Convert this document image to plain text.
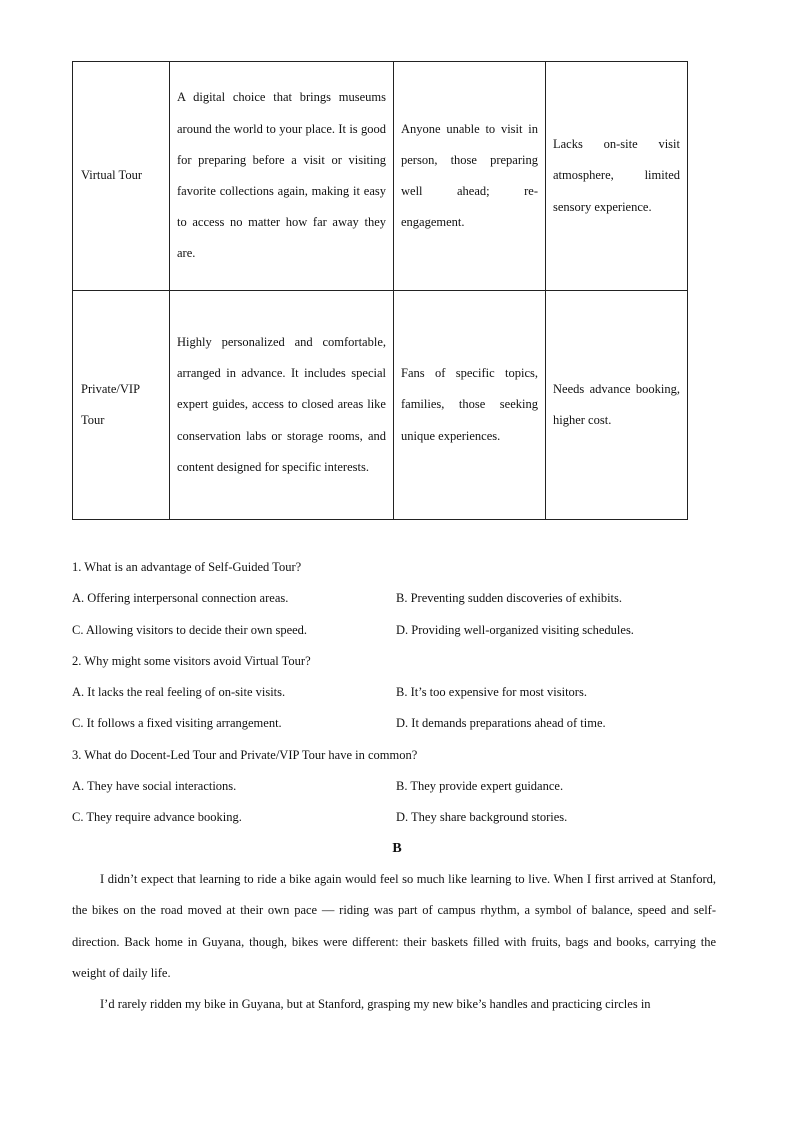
Virtual Tour	A digital choice that brings museums around the world to your place. It is good for preparing before a visit or visiting favorite collections again, making it easy to access no matter how far away they are.	Anyone unable to visit in person, those preparing well ahead; re-engagement.	Lacks on-site visit atmosphere, limited sensory experience.

Private/VIP Tour	Highly personalized and comfortable, arranged in advance. It includes special expert guides, access to closed areas like conservation labs or storage rooms, and content designed for specific interests.	Fans of specific topics, families, those seeking unique experiences.	Needs advance booking, higher cost.
1. What is an advantage of Self-Guided Tour?
A. Offering interpersonal connection areas.	B. Preventing sudden discoveries of exhibits.
C. Allowing visitors to decide their own speed.	D. Providing well-organized visiting schedules.
2. Why might some visitors avoid Virtual Tour?
A. It lacks the real feeling of on-site visits.	B. It’s too expensive for most visitors.
C. It follows a fixed visiting arrangement.	D. It demands preparations ahead of time.
3. What do Docent-Led Tour and Private/VIP Tour have in common?
A. They have social interactions.	B. They provide expert guidance.
C. They require advance booking.	D. They share background stories.
B

I didn’t expect that learning to ride a bike again would feel so much like learning to live. When I first arrived at Stanford, the bikes on the road moved at their own pace — riding was part of campus rhythm, a symbol of balance, speed and self-direction. Back home in Guyana, though, bikes were different: their baskets filled with fruits, bags and books, carrying the weight of daily life.

I’d rarely ridden my bike in Guyana, but at Stanford, grasping my new bike’s handles and practicing circles in
